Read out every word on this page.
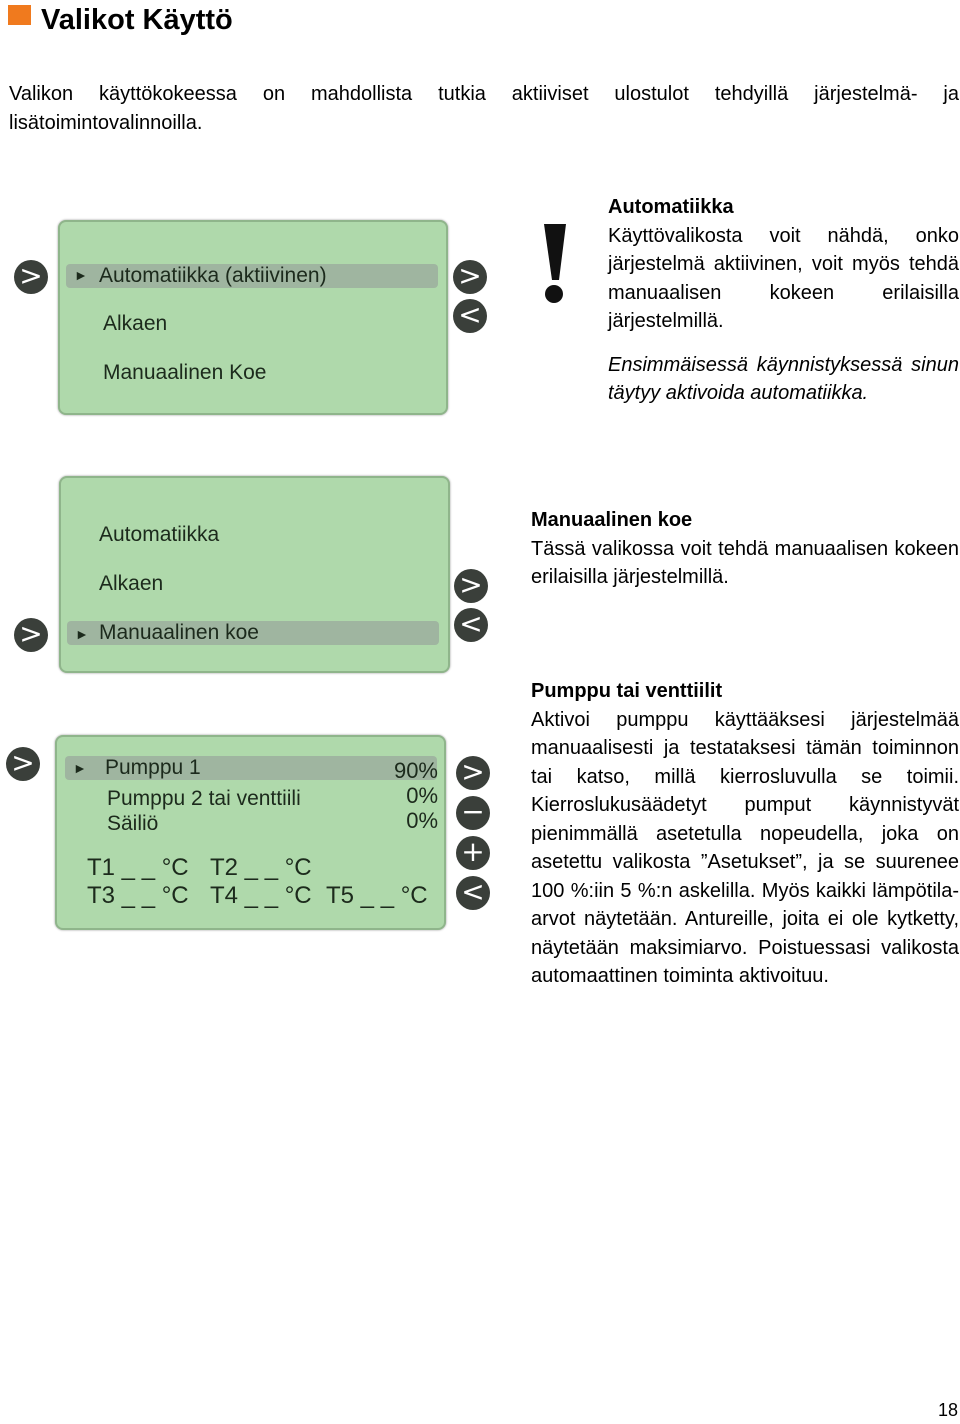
Valikot Käyttö
Valikon käyttökokeessa on mahdollista tutkia aktiiviset ulostulot tehdyillä järjestelmä- ja lisätoimintovalinnoilla.
>	► Automatiikka (aktiivinen)
Alkaen
Manuaalinen Koe
>
<
Automatiikka
Käyttövalikosta voit nähdä, onko järjestelmä aktiivinen, voit myös tehdä manuaalisen kokeen erilaisilla järjestelmillä.
Ensimmäisessä käynnistyksessä sinun täytyy aktivoida automatiikka.
Automatiikka
Alkaen
► Manuaalinen koe
>
>
<
Manuaalinen koe
Tässä valikossa voit tehdä manuaalisen kokeen erilaisilla järjestelmillä.
>	► Pumppu 1	90%
Pumppu 2 tai venttiili	0%
Säiliö	0%
T1 _ _ °C T2 _ _ °C
T3 _ _ °C T4 _ _ °C T5 _ _ °C
>
−
+
<
Pumppu tai venttiilit
Aktivoi pumppu käyttääksesi järjestelmää manuaalisesti ja testataksesi tämän toiminnon tai katso, millä kierrosluvulla se toimii. Kierroslukusäädetyt pumput käynnistyvät pienimmällä asetetulla nopeudella, joka on asetettu valikosta ”Asetukset”, ja se suurenee 100 %:iin 5 %:n askelilla. Myös kaikki lämpötila-arvot näytetään. Antureille, joita ei ole kytketty, näytetään maksimiarvo. Poistuessasi valikosta automaattinen toiminta aktivoituu.
18
